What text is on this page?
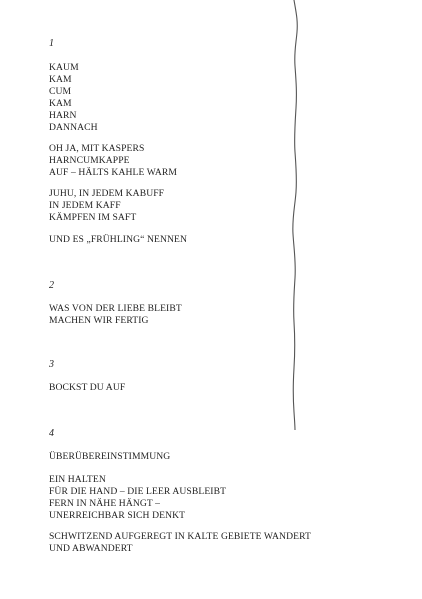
1
KAUM
KAM
CUM
KAM
HARN
DANNACH
OH JA, MIT KASPERS
HARNCUMKAPPE
AUF – HÄLTS KAHLE WARM
JUHU, IN JEDEM KABUFF
IN JEDEM KAFF
KÄMPFEN IM SAFT
UND ES „FRÜHLING“ NENNEN
2
WAS VON DER LIEBE BLEIBT
MACHEN WIR FERTIG
3
BOCKST DU AUF
4
ÜBERÜBEREINSTIMMUNG
EIN HALTEN
FÜR DIE HAND – DIE LEER AUSBLEIBT
FERN IN NÄHE HÄNGT –
UNERREICHBAR SICH DENKT
SCHWITZEND AUFGEREGT IN KALTE GEBIETE WANDERT
UND ABWANDERT
